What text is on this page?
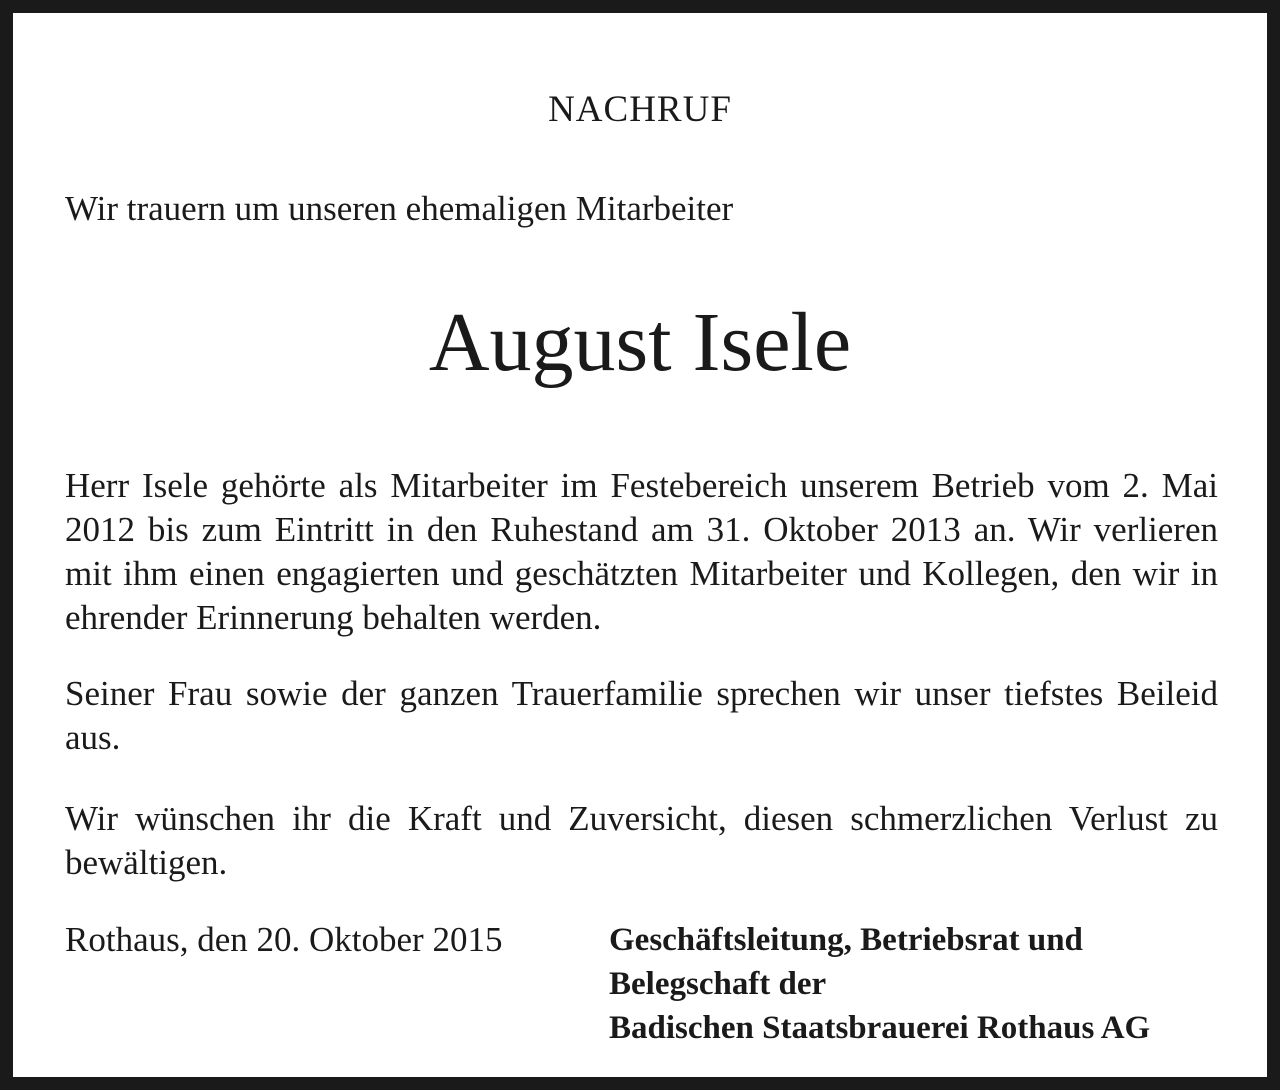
NACHRUF
Wir trauern um unseren ehemaligen Mitarbeiter
August Isele

Herr Isele gehörte als Mitarbeiter im Festebereich unserem Betrieb vom 2. Mai 2012 bis zum Eintritt in den Ruhestand am 31. Oktober 2013 an. Wir verlieren mit ihm einen engagierten und geschätzten Mitarbeiter und Kollegen, den wir in ehrender Erinnerung behalten werden.

Seiner Frau sowie der ganzen Trauerfamilie sprechen wir unser tiefstes Beileid aus.

Wir wünschen ihr die Kraft und Zuversicht, diesen schmerzlichen Verlust zu bewältigen.

Rothaus, den 20. Oktober 2015	Geschäftsleitung, Betriebsrat und
Belegschaft der
Badischen Staatsbrauerei Rothaus AG
